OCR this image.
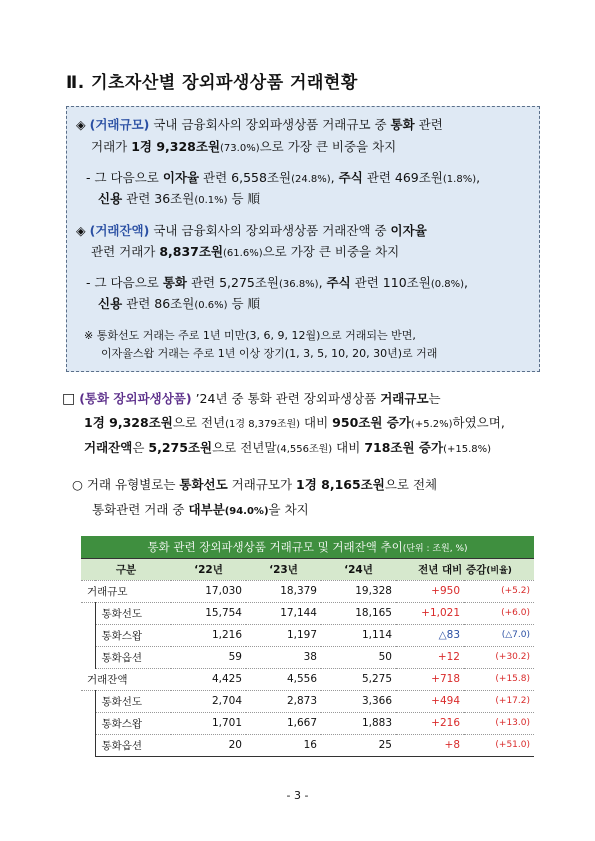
Ⅱ. 기초자산별 장외파생상품 거래현황
◈ (거래규모) 국내 금융회사의 장외파생상품 거래규모 중 통화 관련
거래가 1경 9,328조원(73.0%)으로 가장 큰 비중을 차지
- 그 다음으로 이자율 관련 6,558조원(24.8%), 주식 관련 469조원(1.8%),
신용 관련 36조원(0.1%) 등 順
◈ (거래잔액) 국내 금융회사의 장외파생상품 거래잔액 중 이자율
관련 거래가 8,837조원(61.6%)으로 가장 큰 비중을 차지
- 그 다음으로 통화 관련 5,275조원(36.8%), 주식 관련 110조원(0.8%),
신용 관련 86조원(0.6%) 등 順
※ 통화선도 거래는 주로 1년 미만(3, 6, 9, 12월)으로 거래되는 반면,
이자율스왑 거래는 주로 1년 이상 장기(1, 3, 5, 10, 20, 30년)로 거래
□ (통화 장외파생상품) ’24년 중 통화 관련 장외파생상품 거래규모는
1경 9,328조원으로 전년(1경 8,379조원) 대비 950조원 증가(+5.2%)하였으며,
거래잔액은 5,275조원으로 전년말(4,556조원) 대비 718조원 증가(+15.8%)
○ 거래 유형별로는 통화선도 거래규모가 1경 8,165조원으로 전체
통화관련 거래 중 대부분(94.0%)을 차지
통화 관련 장외파생상품 거래규모 및 거래잔액 추이(단위 : 조원, %)						
구분		‘22년	‘23년	‘24년	전년 대비 증감(비율)	
거래규모		17,030	18,379	19,328	+950	(+5.2)
	통화선도	15,754	17,144	18,165	+1,021	(+6.0)
	통화스왑	1,216	1,197	1,114	△83	(△7.0)
	통화옵션	59	38	50	+12	(+30.2)
거래잔액		4,425	4,556	5,275	+718	(+15.8)
	통화선도	2,704	2,873	3,366	+494	(+17.2)
	통화스왑	1,701	1,667	1,883	+216	(+13.0)
	통화옵션	20	16	25	+8	(+51.0)
- 3 -
